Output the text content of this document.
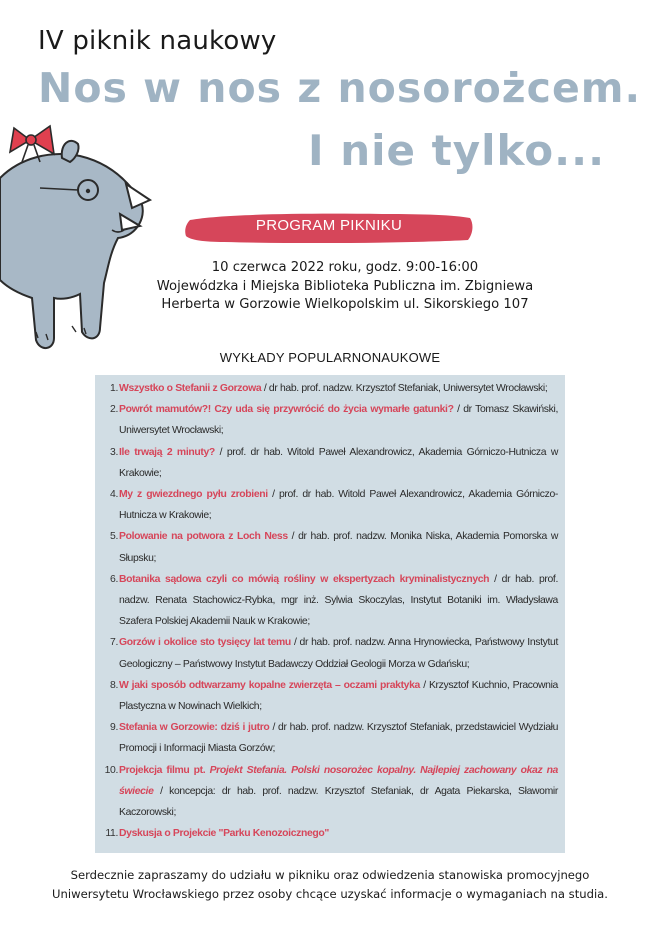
IV piknik naukowy
Nos w nos z nosorożcem.
I nie tylko...
PROGRAM PIKNIKU
10 czerwca 2022 roku, godz. 9:00-16:00
Wojewódzka i Miejska Biblioteka Publiczna im. Zbigniewa
Herberta w Gorzowie Wielkopolskim ul. Sikorskiego 107
WYKŁADY POPULARNONAUKOWE
1. Wszystko o Stefanii z Gorzowa / dr hab. prof. nadzw. Krzysztof Stefaniak, Uniwersytet Wrocławski;
2. Powrót mamutów?! Czy uda się przywrócić do życia wymarłe gatunki? / dr Tomasz Skawiński, Uniwersytet Wrocławski;
3. Ile trwają 2 minuty? / prof. dr hab. Witold Paweł Alexandrowicz, Akademia Górniczo-Hutnicza w Krakowie;
4. My z gwiezdnego pyłu zrobieni / prof. dr hab. Witold Paweł Alexandrowicz, Akademia Górniczo-Hutnicza w Krakowie;
5. Polowanie na potwora z Loch Ness / dr hab. prof. nadzw. Monika Niska, Akademia Pomorska w Słupsku;
6. Botanika sądowa czyli co mówią rośliny w ekspertyzach kryminalistycznych / dr hab. prof. nadzw. Renata Stachowicz-Rybka, mgr inż. Sylwia Skoczylas, Instytut Botaniki im. Władysława Szafera Polskiej Akademii Nauk w Krakowie;
7. Gorzów i okolice sto tysięcy lat temu / dr hab. prof. nadzw. Anna Hrynowiecka, Państwowy Instytut Geologiczny – Państwowy Instytut Badawczy Oddział Geologii Morza w Gdańsku;
8. W jaki sposób odtwarzamy kopalne zwierzęta – oczami praktyka / Krzysztof Kuchnio, Pracownia Plastyczna w Nowinach Wielkich;
9. Stefania w Gorzowie: dziś i jutro / dr hab. prof. nadzw. Krzysztof Stefaniak, przedstawiciel Wydziału Promocji i Informacji Miasta Gorzów;
10. Projekcja filmu pt. Projekt Stefania. Polski nosorożec kopalny. Najlepiej zachowany okaz na świecie / koncepcja: dr hab. prof. nadzw. Krzysztof Stefaniak, dr Agata Piekarska, Sławomir Kaczorowski;
11. Dyskusja o Projekcie "Parku Kenozoicznego"
Serdecznie zapraszamy do udziału w pikniku oraz odwiedzenia stanowiska promocyjnego
Uniwersytetu Wrocławskiego przez osoby chcące uzyskać informacje o wymaganiach na studia.
